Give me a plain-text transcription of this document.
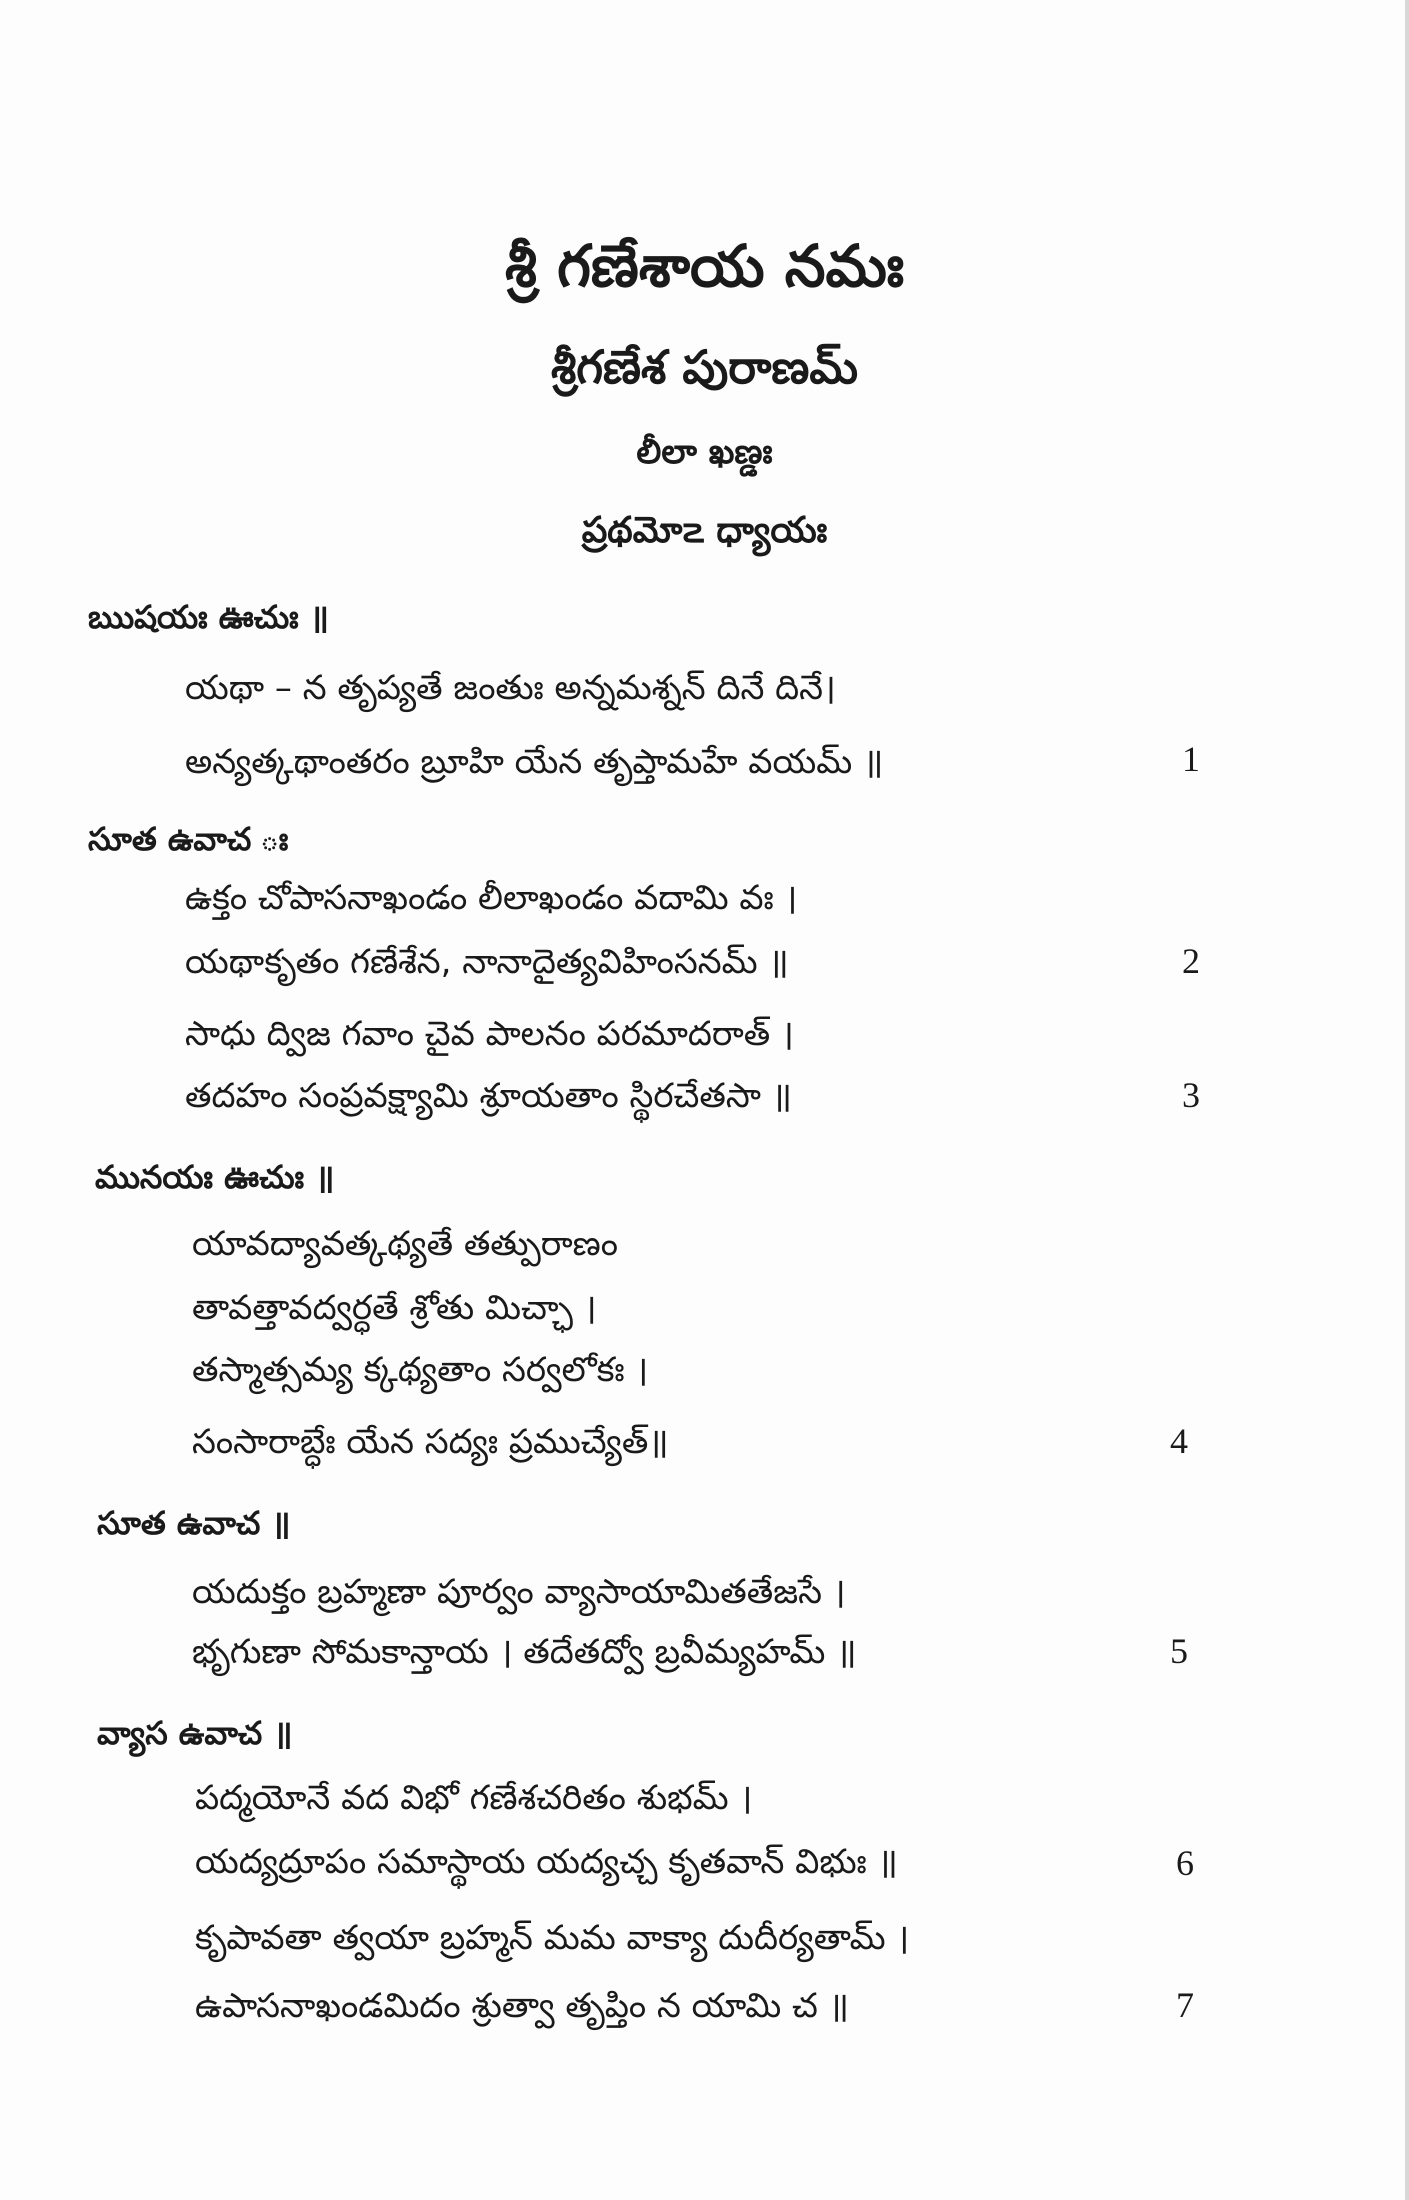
శ్రీ గణేశాయ నమః
శ్రీగణేశ పురాణమ్
లీలా ఖణ్డః
ప్రథమో౽ ధ్యాయః
ఋషయః ఊచుః ॥
యథా – న తృప్యతే జంతుః అన్నమశ్నన్ దినే దినే।
అన్యత్కథాంతరం బ్రూహి యేన తృప్తామహే వయమ్ ॥	1
సూత ఉవాచ ః
ఉక్తం చోపాసనాఖండం లీలాఖండం వదామి వః ।
యథాకృతం గణేశేన, నానాదైత్యవిహింసనమ్ ॥	2
సాధు ద్విజ గవాం చైవ పాలనం పరమాదరాత్ ।
తదహం సంప్రవక్ష్యామి శ్రూయతాం స్థిరచేతసా ॥	3
మునయః ఊచుః ॥
యావద్యావత్కథ్యతే తత్పురాణం
తావత్తావద్వర్ధతే శ్రోతు మిచ్ఛా ।
తస్మాత్సమ్య క్కథ్యతాం సర్వలోకః ।
సంసారాబ్ధేః యేన సద్యః ప్రముచ్యేత్॥	4
సూత ఉవాచ ॥
యదుక్తం బ్రహ్మణా పూర్వం వ్యాసాయామితతేజసే ।
భృగుణా సోమకాన్తాయ । తదేతద్వో బ్రవీమ్యహమ్ ॥	5
వ్యాస ఉవాచ ॥
పద్మయోనే వద విభో గణేశచరితం శుభమ్ ।
యద్యద్రూపం సమాస్థాయ యద్యచ్చ కృతవాన్ విభుః ॥	6
కృపావతా త్వయా బ్రహ్మన్ మమ వాక్యా దుదీర్యతామ్ ।
ఉపాసనాఖండమిదం శ్రుత్వా తృప్తిం న యామి చ ॥	7
